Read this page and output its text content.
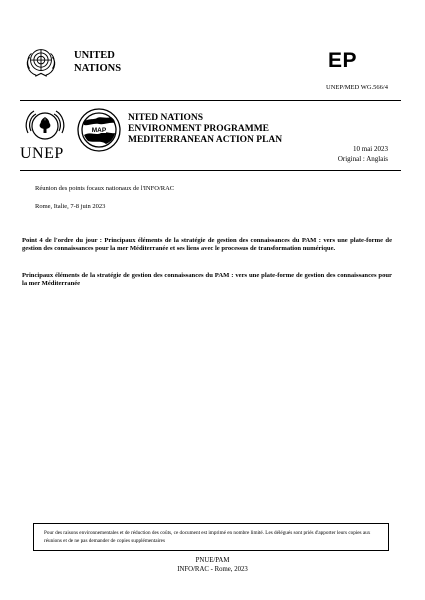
UNITED
NATIONS	EP
UNEP/MED WG.566/4
UNEP
MAP
NITED NATIONS
ENVIRONMENT PROGRAMME
MEDITERRANEAN ACTION PLAN
10 mai 2023
Original : Anglais
Réunion des points focaux nationaux de l'INFO/RAC
Rome, Italie, 7-8 juin 2023
Point 4 de l'ordre du jour : Principaux éléments de la stratégie de gestion des connaissances du PAM : vers une plate-forme de gestion des connaissances pour la mer Méditerranée et ses liens avec le processus de transformation numérique.
Principaux éléments de la stratégie de gestion des connaissances du PAM : vers une plate-forme de gestion des connaissances pour la mer Méditerranée
Pour des raisons environnementales et de réduction des coûts, ce document est imprimé en nombre limité. Les délégués sont priés d'apporter leurs copies aux réunions et de ne pas demander de copies supplémentaires
PNUE/PAM
INFO/RAC - Rome, 2023
